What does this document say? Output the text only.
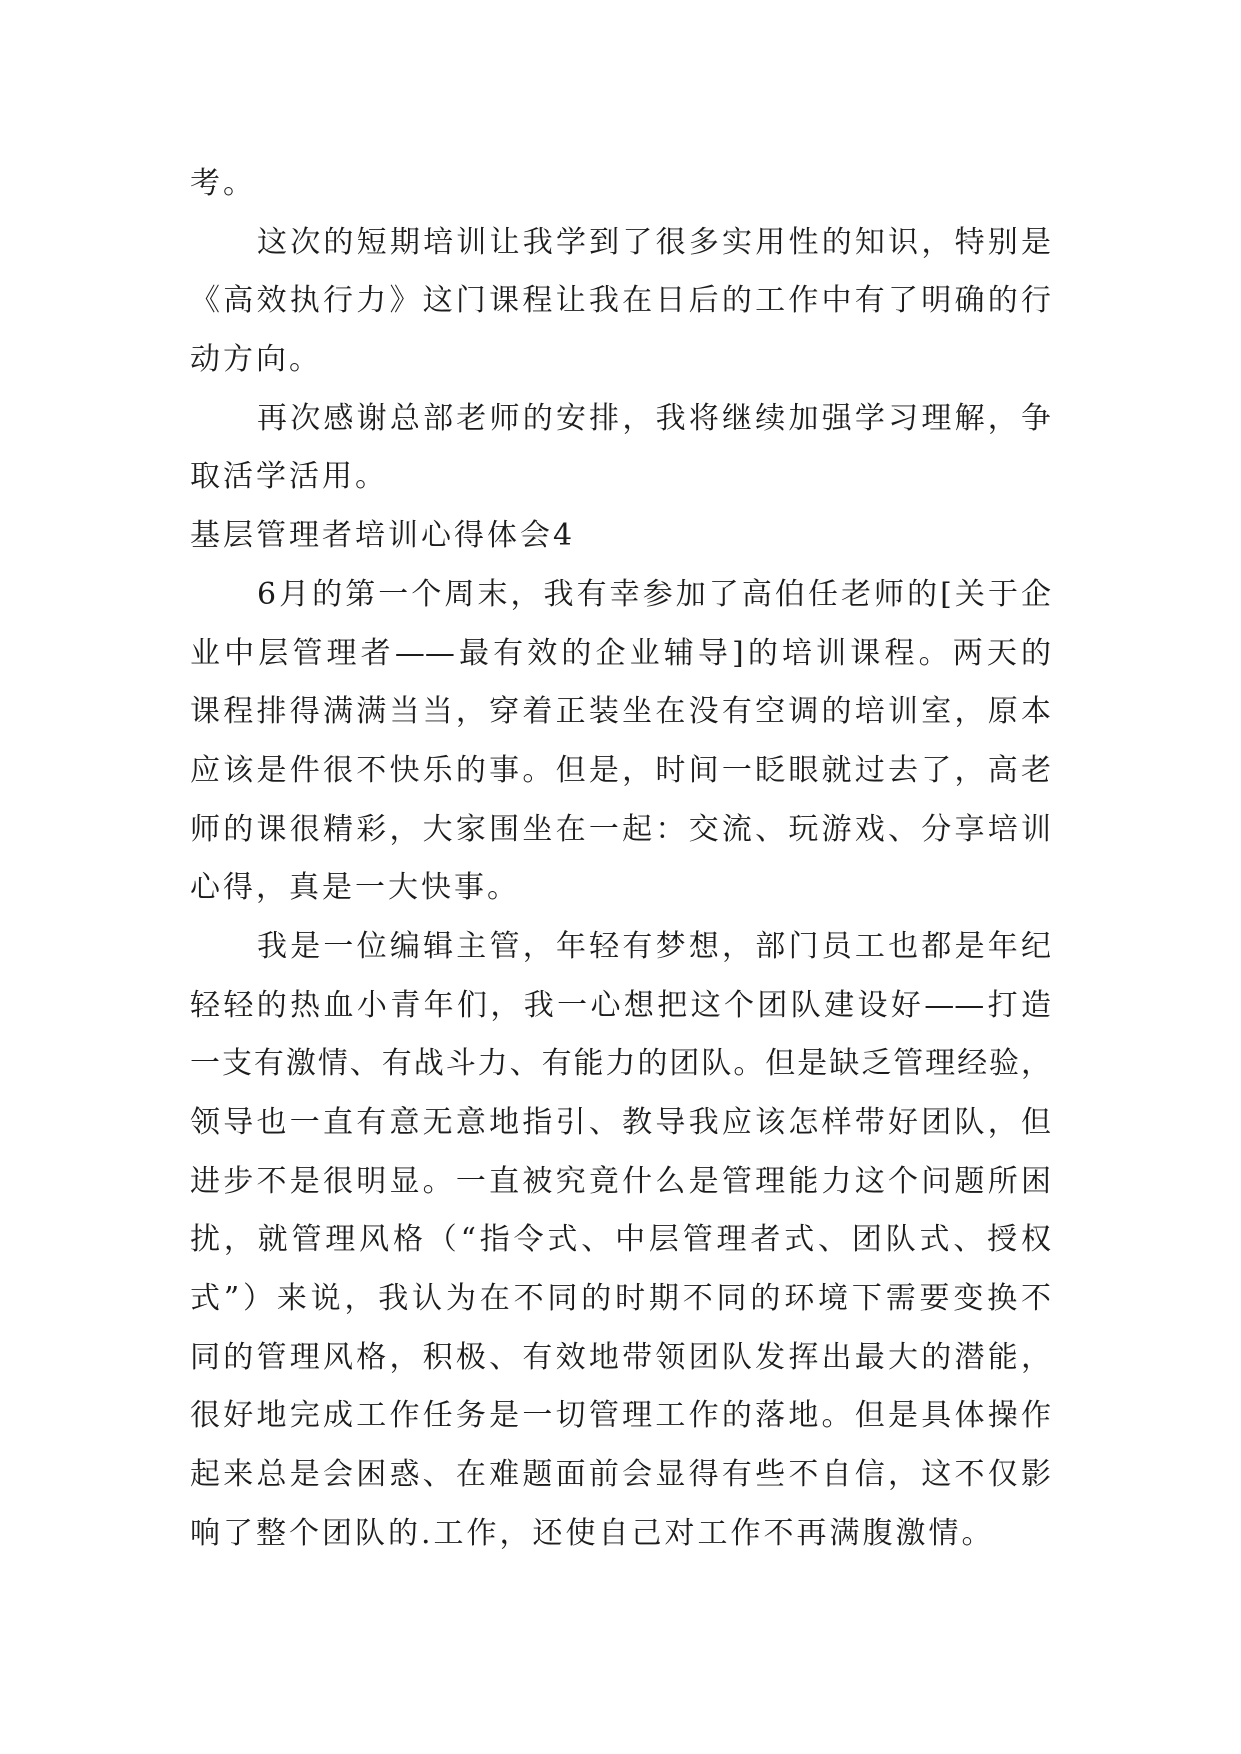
考。
这次的短期培训让我学到了很多实用性的知识，特别是
《高效执行力》这门课程让我在日后的工作中有了明确的行
动方向。
再次感谢总部老师的安排，我将继续加强学习理解，争
取活学活用。
基层管理者培训心得体会4
6月的第一个周末，我有幸参加了高伯任老师的[关于企
业中层管理者——最有效的企业辅导]的培训课程。两天的
课程排得满满当当，穿着正装坐在没有空调的培训室，原本
应该是件很不快乐的事。但是，时间一眨眼就过去了，高老
师的课很精彩，大家围坐在一起：交流、玩游戏、分享培训
心得，真是一大快事。
我是一位编辑主管，年轻有梦想，部门员工也都是年纪
轻轻的热血小青年们，我一心想把这个团队建设好——打造
一支有激情、有战斗力、有能力的团队。但是缺乏管理经验，
领导也一直有意无意地指引、教导我应该怎样带好团队，但
进步不是很明显。一直被究竟什么是管理能力这个问题所困
扰，就管理风格（“指令式、中层管理者式、团队式、授权
式”）来说，我认为在不同的时期不同的环境下需要变换不
同的管理风格，积极、有效地带领团队发挥出最大的潜能，
很好地完成工作任务是一切管理工作的落地。但是具体操作
起来总是会困惑、在难题面前会显得有些不自信，这不仅影
响了整个团队的.工作，还使自己对工作不再满腹激情。
